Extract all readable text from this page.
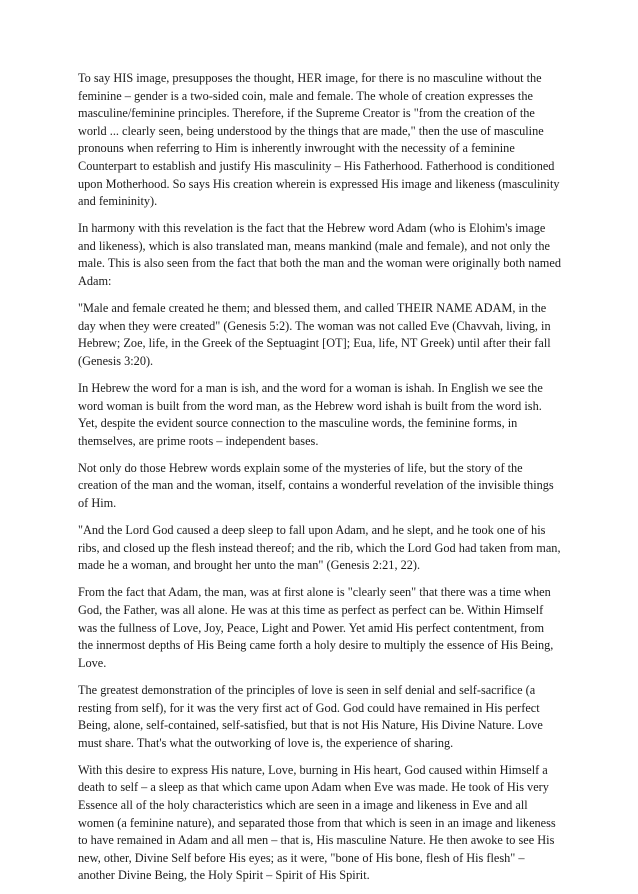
To say HIS image, presupposes the thought, HER image, for there is no masculine without the feminine – gender is a two-sided coin, male and female. The whole of creation expresses the masculine/feminine principles. Therefore, if the Supreme Creator is "from the creation of the world ... clearly seen, being understood by the things that are made," then the use of masculine pronouns when referring to Him is inherently inwrought with the necessity of a feminine Counterpart to establish and justify His masculinity – His Fatherhood. Fatherhood is conditioned upon Motherhood. So says His creation wherein is expressed His image and likeness (masculinity and femininity).

In harmony with this revelation is the fact that the Hebrew word Adam (who is Elohim's image and likeness), which is also translated man, means mankind (male and female), and not only the male. This is also seen from the fact that both the man and the woman were originally both named Adam:

"Male and female created he them; and blessed them, and called THEIR NAME ADAM, in the day when they were created" (Genesis 5:2). The woman was not called Eve (Chavvah, living, in Hebrew; Zoe, life, in the Greek of the Septuagint [OT]; Eua, life, NT Greek) until after their fall (Genesis 3:20).

In Hebrew the word for a man is ish, and the word for a woman is ishah. In English we see the word woman is built from the word man, as the Hebrew word ishah is built from the word ish. Yet, despite the evident source connection to the masculine words, the feminine forms, in themselves, are prime roots – independent bases.

Not only do those Hebrew words explain some of the mysteries of life, but the story of the creation of the man and the woman, itself, contains a wonderful revelation of the invisible things of Him.

"And the Lord God caused a deep sleep to fall upon Adam, and he slept, and he took one of his ribs, and closed up the flesh instead thereof; and the rib, which the Lord God had taken from man, made he a woman, and brought her unto the man" (Genesis 2:21, 22).

From the fact that Adam, the man, was at first alone is "clearly seen" that there was a time when God, the Father, was all alone. He was at this time as perfect as perfect can be. Within Himself was the fullness of Love, Joy, Peace, Light and Power. Yet amid His perfect contentment, from the innermost depths of His Being came forth a holy desire to multiply the essence of His Being, Love.

The greatest demonstration of the principles of love is seen in self denial and self-sacrifice (a resting from self), for it was the very first act of God. God could have remained in His perfect Being, alone, self-contained, self-satisfied, but that is not His Nature, His Divine Nature. Love must share. That's what the outworking of love is, the experience of sharing.

With this desire to express His nature, Love, burning in His heart, God caused within Himself a death to self – a sleep as that which came upon Adam when Eve was made. He took of His very Essence all of the holy characteristics which are seen in a image and likeness in Eve and all women (a feminine nature), and separated those from that which is seen in an image and likeness to have remained in Adam and all men – that is, His masculine Nature. He then awoke to see His new, other, Divine Self before His eyes; as it were, "bone of His bone, flesh of His flesh" – another Divine Being, the Holy Spirit – Spirit of His Spirit.
